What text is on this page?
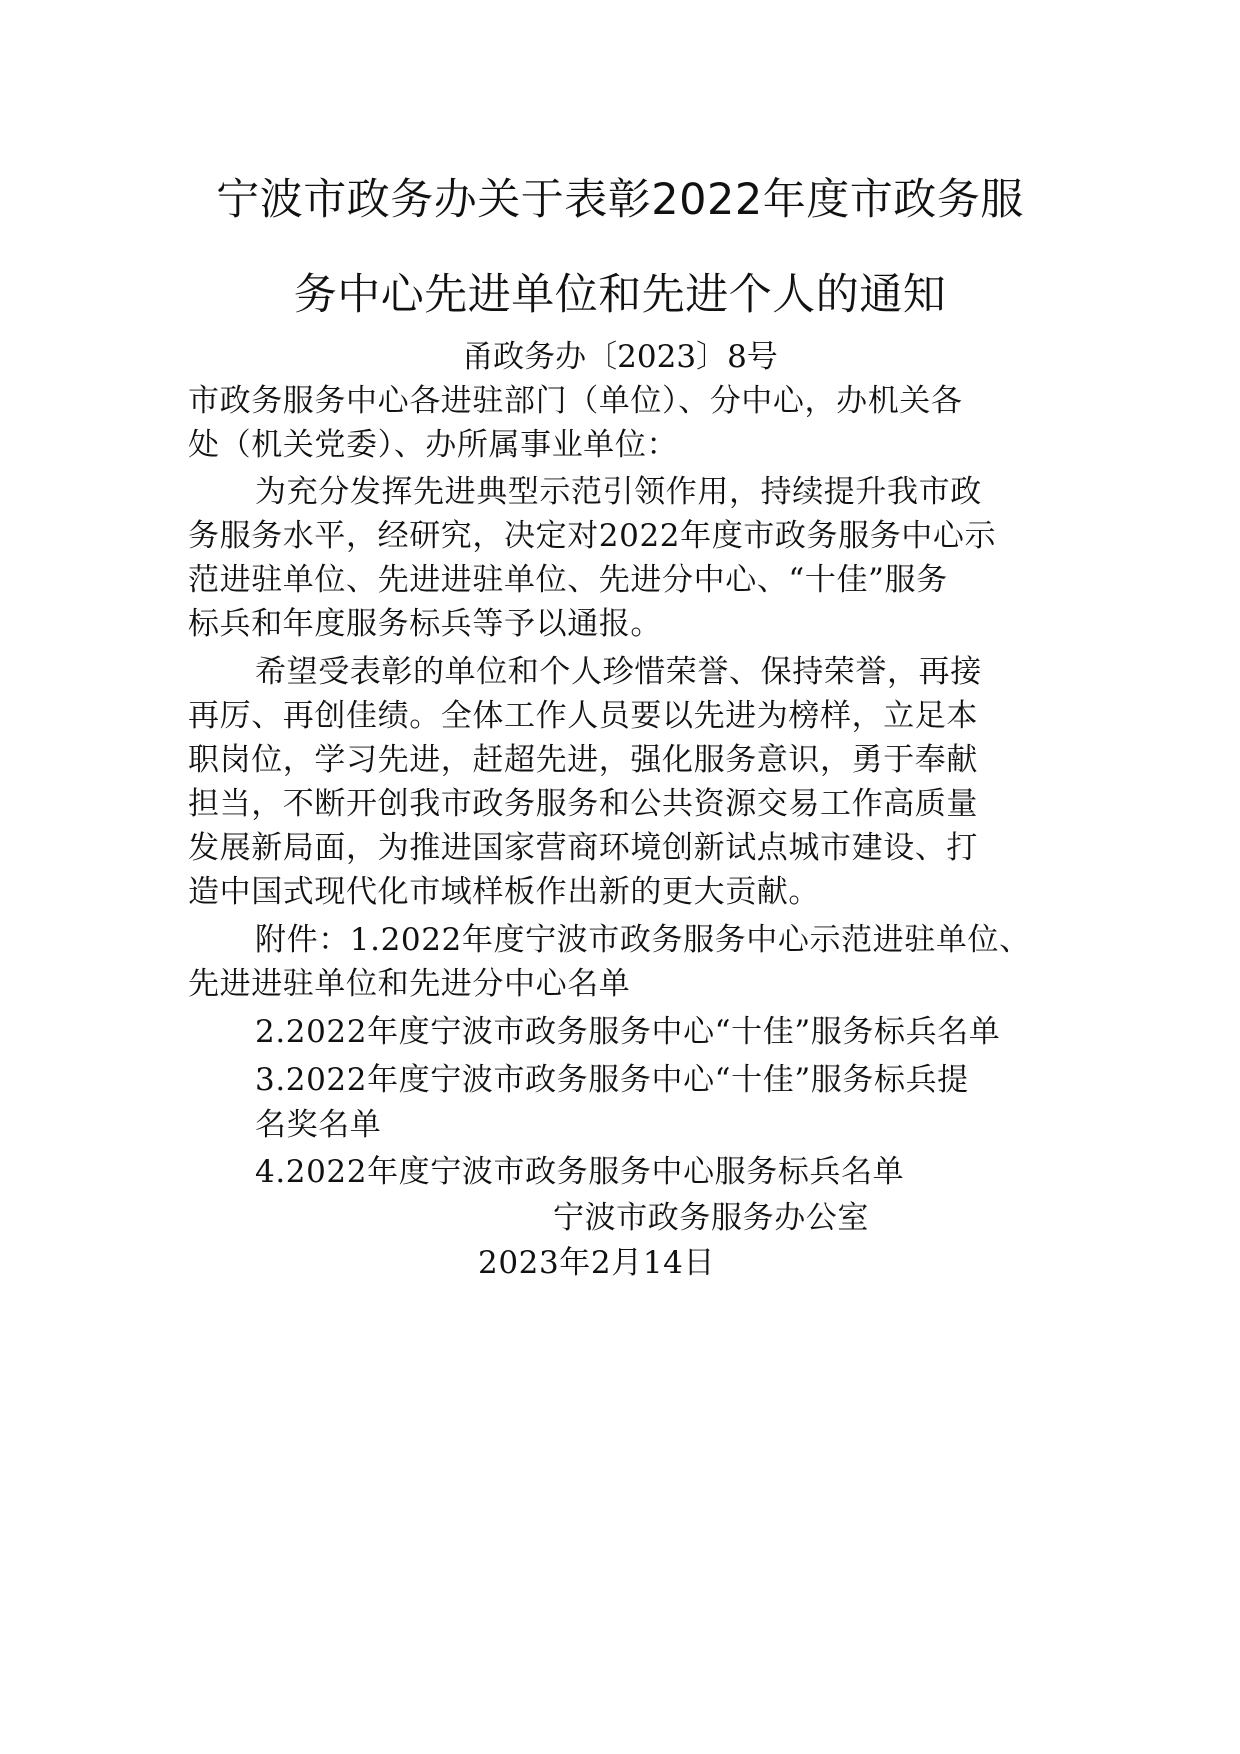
宁波市政务办关于表彰2022年度市政务服
务中心先进单位和先进个人的通知
甬政务办〔2023〕8号
市政务服务中心各进驻部门（单位）、分中心，办机关各
处（机关党委）、办所属事业单位：
为充分发挥先进典型示范引领作用，持续提升我市政
务服务水平，经研究，决定对2022年度市政务服务中心示
范进驻单位、先进进驻单位、先进分中心、“十佳”服务
标兵和年度服务标兵等予以通报。
希望受表彰的单位和个人珍惜荣誉、保持荣誉，再接
再厉、再创佳绩。全体工作人员要以先进为榜样，立足本
职岗位，学习先进，赶超先进，强化服务意识，勇于奉献
担当，不断开创我市政务服务和公共资源交易工作高质量
发展新局面，为推进国家营商环境创新试点城市建设、打
造中国式现代化市域样板作出新的更大贡献。
附件：1.2022年度宁波市政务服务中心示范进驻单位、
先进进驻单位和先进分中心名单
2.2022年度宁波市政务服务中心“十佳”服务标兵名单
3.2022年度宁波市政务服务中心“十佳”服务标兵提
名奖名单
4.2022年度宁波市政务服务中心服务标兵名单
宁波市政务服务办公室
2023年2月14日
